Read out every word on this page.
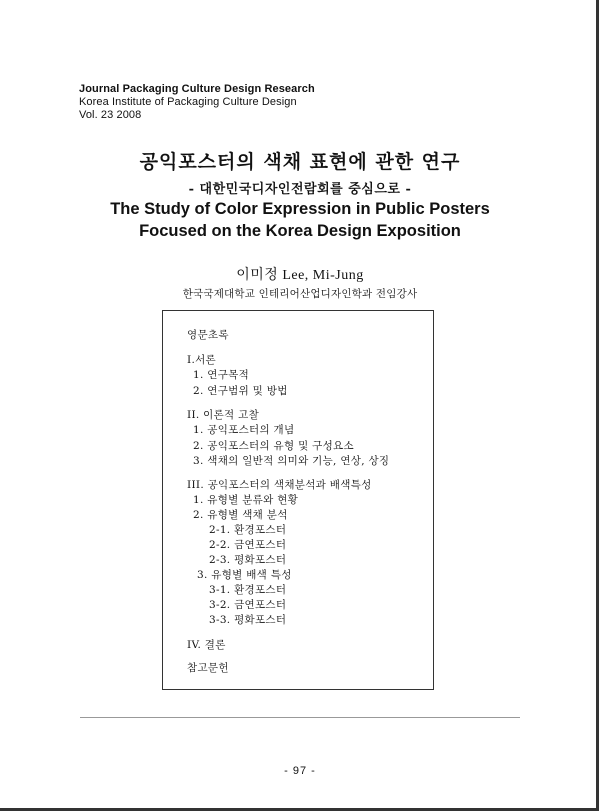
Journal Packaging Culture Design Research
Korea Institute of Packaging Culture Design
Vol. 23 2008
공익포스터의 색채 표현에 관한 연구
- 대한민국디자인전람회를 중심으로 -
The Study of Color Expression in Public Posters
Focused on the Korea Design Exposition
이미정 Lee, Mi-Jung
한국국제대학교 인테리어산업디자인학과 전임강사
영문초록
I.서론
1. 연구목적
2. 연구범위 및 방법
II. 이론적 고찰
1. 공익포스터의 개념
2. 공익포스터의 유형 및 구성요소
3. 색채의 일반적 의미와 기능, 연상, 상징
III. 공익포스터의 색채분석과 배색특성
1. 유형별 분류와 현황
2. 유형별 색채 분석
2-1. 환경포스터
2-2. 금연포스터
2-3. 평화포스터
3. 유형별 배색 특성
3-1. 환경포스터
3-2. 금연포스터
3-3. 평화포스터
IV. 결론
참고문헌
- 97 -
